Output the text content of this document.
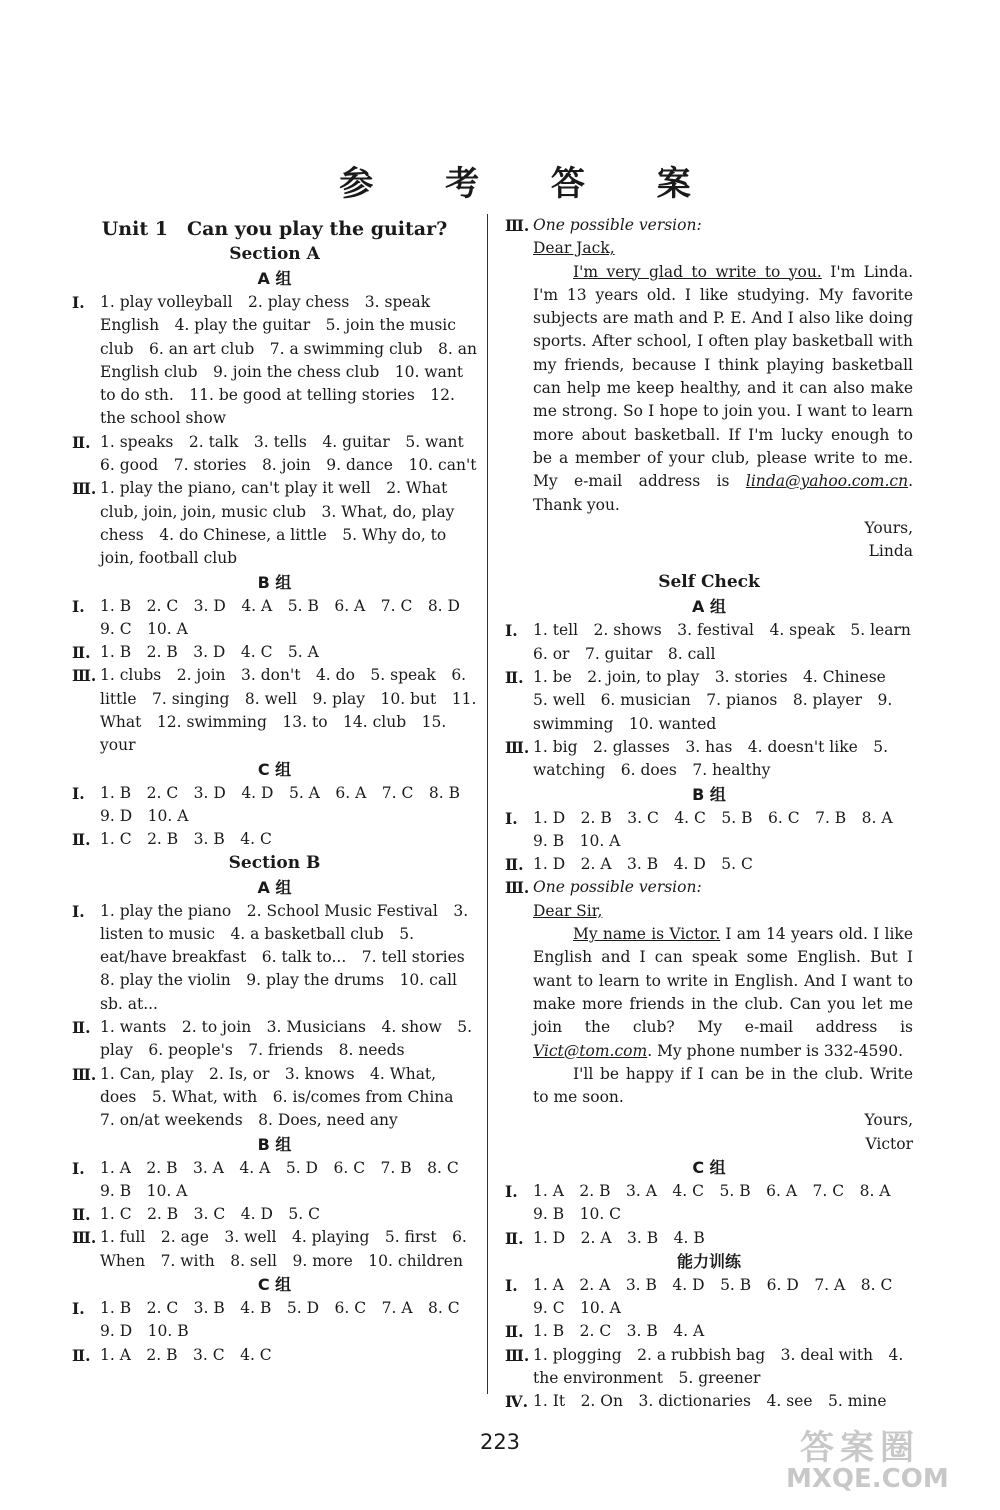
参 考 答 案
Unit 1　Can you play the guitar?
Section A
A 组
Ⅰ. 1. play volleyball　2. play chess　3. speak English　4. play the guitar　5. join the music club　6. an art club　7. a swimming club　8. an English club　9. join the chess club　10. want to do sth.　11. be good at telling stories　12. the school show
Ⅱ. 1. speaks　2. talk　3. tells　4. guitar　5. want　6. good　7. stories　8. join　9. dance　10. can't
Ⅲ. 1. play the piano, can't play it well　2. What club, join, join, music club　3. What, do, play chess　4. do Chinese, a little　5. Why do, to join, football club
B 组
Ⅰ. 1. B　2. C　3. D　4. A　5. B　6. A　7. C　8. D　9. C　10. A
Ⅱ. 1. B　2. B　3. D　4. C　5. A
Ⅲ. 1. clubs　2. join　3. don't　4. do　5. speak　6. little　7. singing　8. well　9. play　10. but　11. What　12. swimming　13. to　14. club　15. your
C 组
Ⅰ. 1. B　2. C　3. D　4. D　5. A　6. A　7. C　8. B　9. D　10. A
Ⅱ. 1. C　2. B　3. B　4. C
Section B
A 组
Ⅰ. 1. play the piano　2. School Music Festival　3. listen to music　4. a basketball club　5. eat/have breakfast　6. talk to...　7. tell stories　8. play the violin　9. play the drums　10. call sb. at...
Ⅱ. 1. wants　2. to join　3. Musicians　4. show　5. play　6. people's　7. friends　8. needs
Ⅲ. 1. Can, play　2. Is, or　3. knows　4. What, does　5. What, with　6. is/comes from China　7. on/at weekends　8. Does, need any
B 组
Ⅰ. 1. A　2. B　3. A　4. A　5. D　6. C　7. B　8. C　9. B　10. A
Ⅱ. 1. C　2. B　3. C　4. D　5. C
Ⅲ. 1. full　2. age　3. well　4. playing　5. first　6. When　7. with　8. sell　9. more　10. children
C 组
Ⅰ. 1. B　2. C　3. B　4. B　5. D　6. C　7. A　8. C　9. D　10. B
Ⅱ. 1. A　2. B　3. C　4. C
Ⅲ. One possible version:
Dear Jack,
I'm very glad to write to you. I'm Linda. I'm 13 years old. I like studying. My favorite subjects are math and P. E. And I also like doing sports. After school, I often play basketball with my friends, because I think playing basketball can help me keep healthy, and it can also make me strong. So I hope to join you. I want to learn more about basketball. If I'm lucky enough to be a member of your club, please write to me. My e-mail address is linda@yahoo.com.cn. Thank you.
Yours,
Linda
Self Check
A 组
Ⅰ. 1. tell　2. shows　3. festival　4. speak　5. learn　6. or　7. guitar　8. call
Ⅱ. 1. be　2. join, to play　3. stories　4. Chinese　5. well　6. musician　7. pianos　8. player　9. swimming　10. wanted
Ⅲ. 1. big　2. glasses　3. has　4. doesn't like　5. watching　6. does　7. healthy
B 组
Ⅰ. 1. D　2. B　3. C　4. C　5. B　6. C　7. B　8. A　9. B　10. A
Ⅱ. 1. D　2. A　3. B　4. D　5. C
Ⅲ. One possible version:
Dear Sir,
My name is Victor. I am 14 years old. I like English and I can speak some English. But I want to learn to write in English. And I want to make more friends in the club. Can you let me join the club? My e-mail address is Vict@tom.com. My phone number is 332-4590.
I'll be happy if I can be in the club. Write to me soon.
Yours,
Victor
C 组
Ⅰ. 1. A　2. B　3. A　4. C　5. B　6. A　7. C　8. A　9. B　10. C
Ⅱ. 1. D　2. A　3. B　4. B
能力训练
Ⅰ. 1. A　2. A　3. B　4. D　5. B　6. D　7. A　8. C　9. C　10. A
Ⅱ. 1. B　2. C　3. B　4. A
Ⅲ. 1. plogging　2. a rubbish bag　3. deal with　4. the environment　5. greener
Ⅳ. 1. It　2. On　3. dictionaries　4. see　5. mine
223	答案圈
MXQE.COM
